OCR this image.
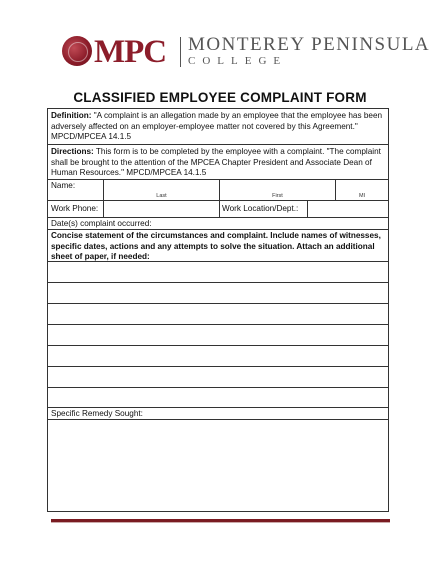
MPC MONTEREY PENINSULA
COLLEGE
CLASSIFIED EMPLOYEE COMPLAINT FORM
Definition: "A complaint is an allegation made by an employee that the employee has been adversely affected on an employer-employee matter not covered by this Agreement." MPCD/MPCEA 14.1.5
Directions: This form is to be completed by the employee with a complaint. "The complaint shall be brought to the attention of the MPCEA Chapter President and Associate Dean of Human Resources." MPCD/MPCEA 14.1.5
Name:
Last	First	MI
Work Phone:	Work Location/Dept.:
Date(s) complaint occurred:
Concise statement of the circumstances and complaint. Include names of witnesses, specific dates, actions and any attempts to solve the situation. Attach an additional sheet of paper, if needed:
Specific Remedy Sought:
